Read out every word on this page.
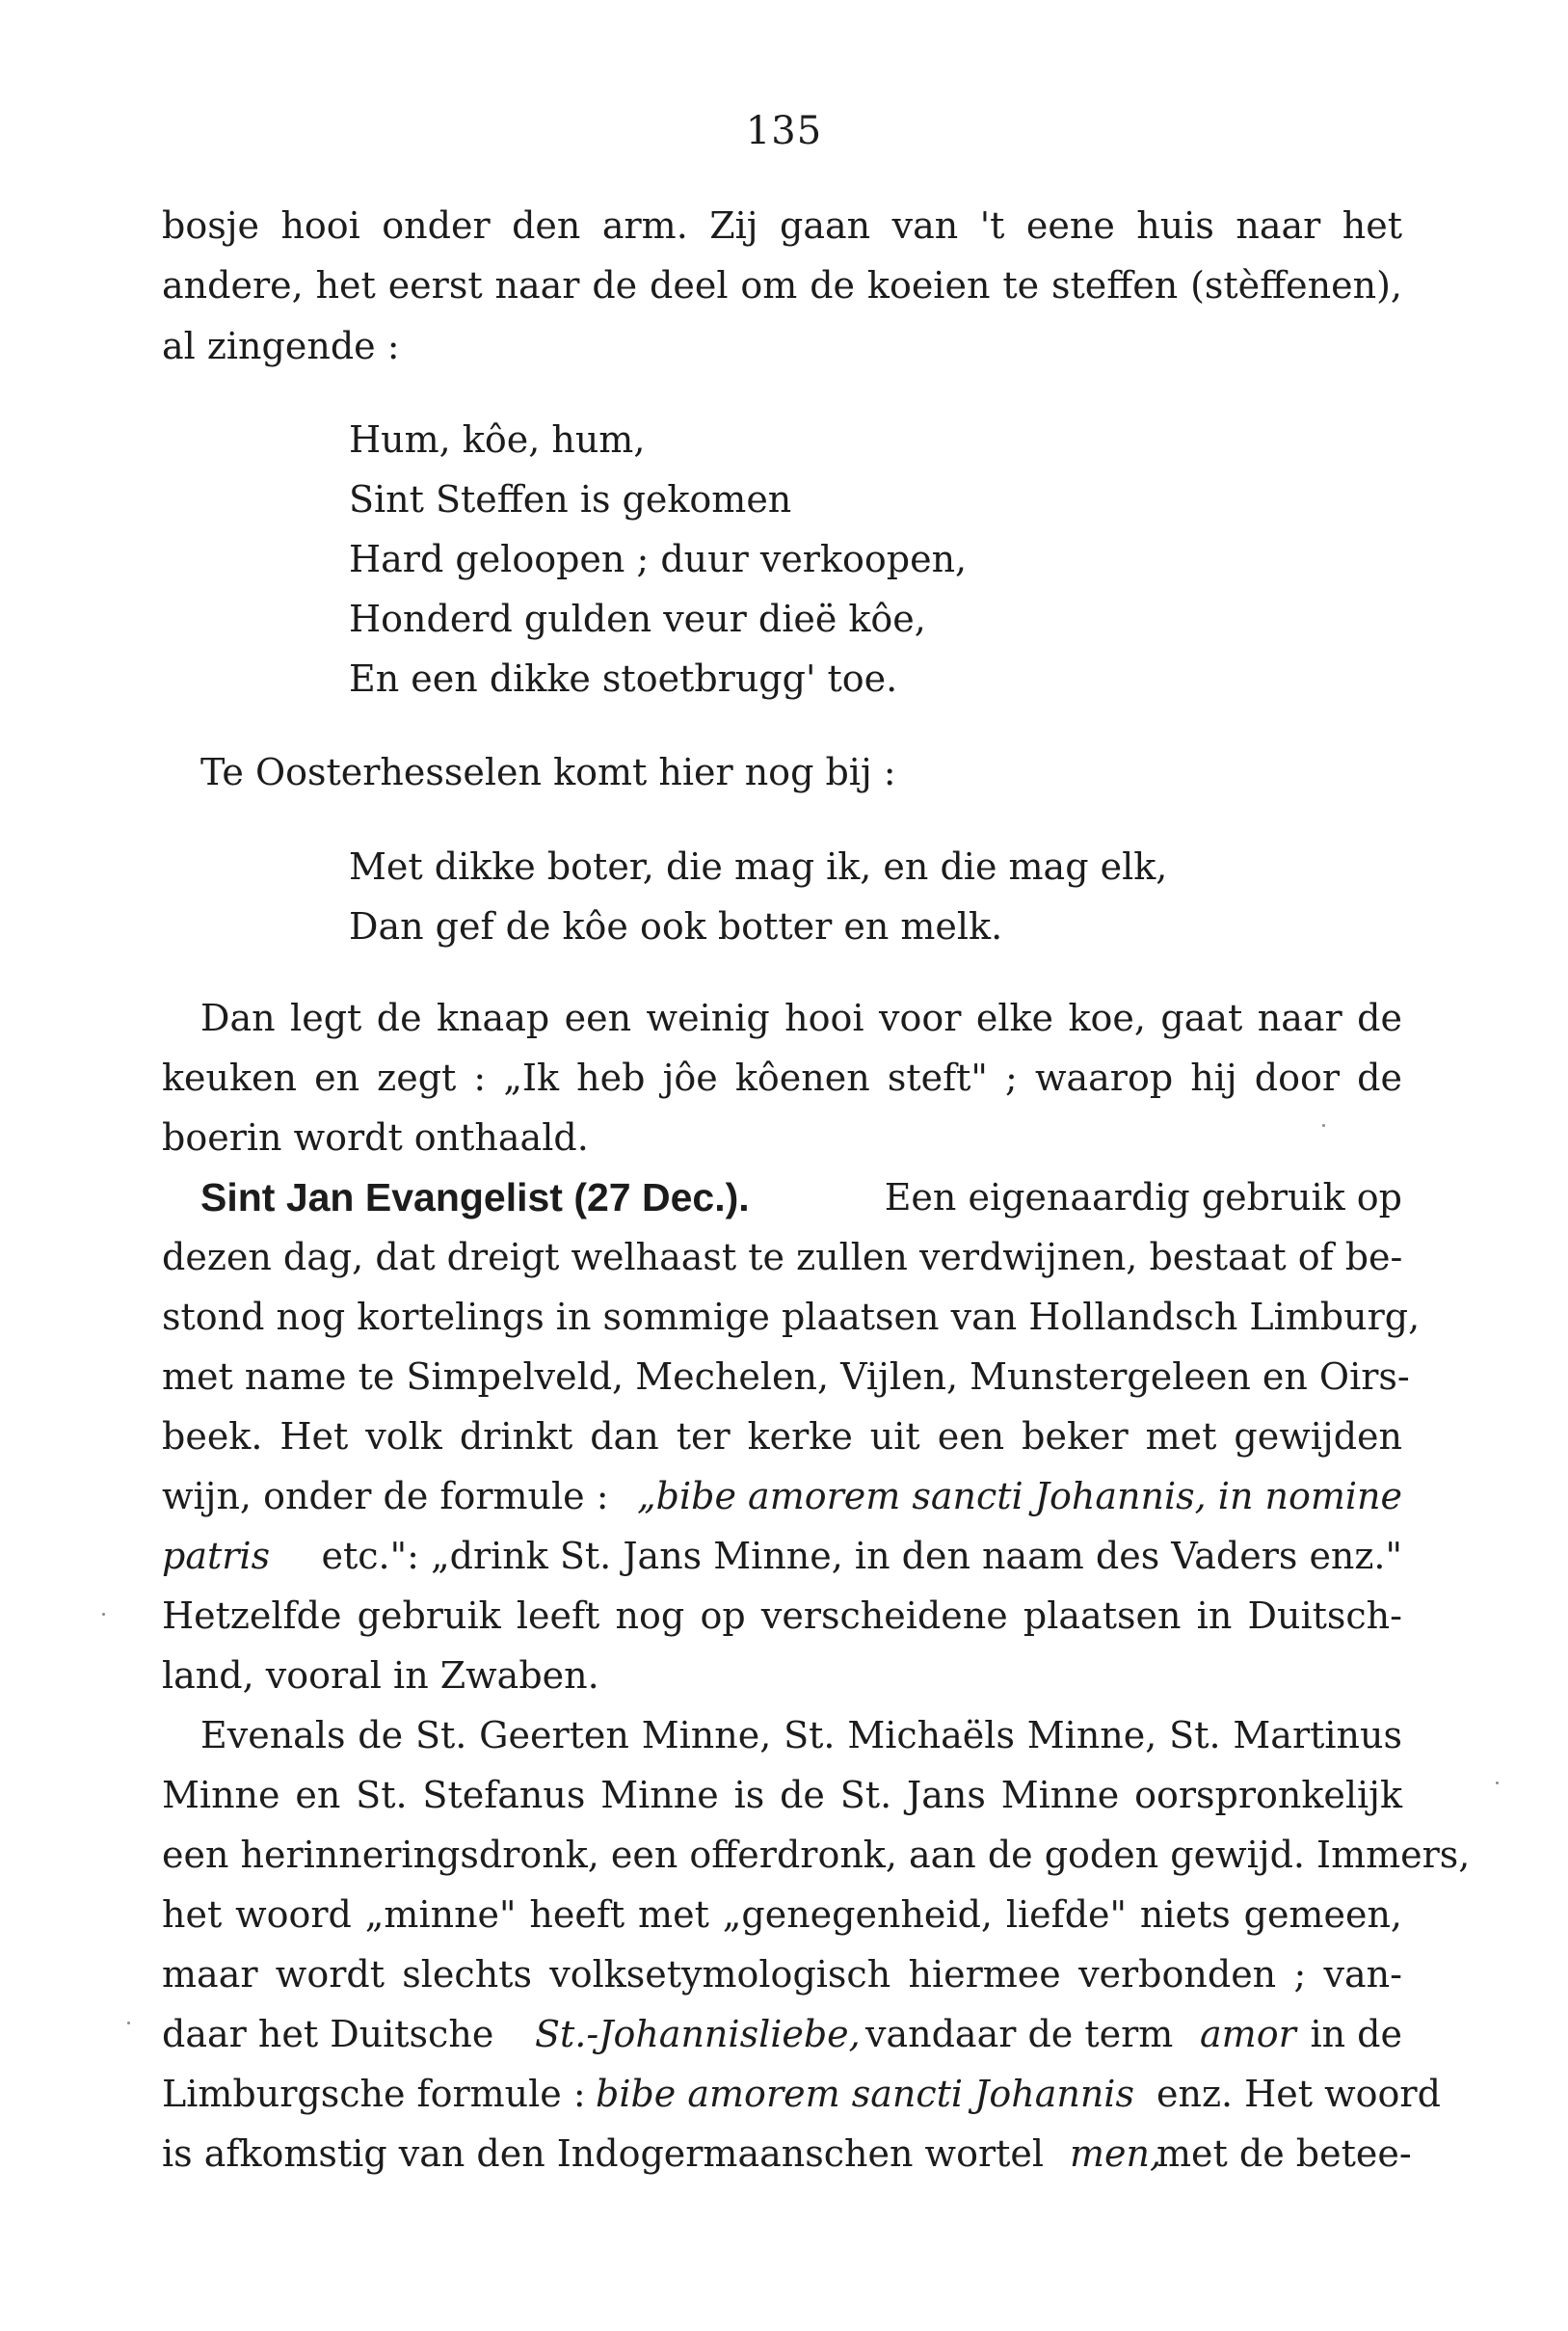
135
bosje hooi onder den arm. Zij gaan van 't eene huis naar het
andere, het eerst naar de deel om de koeien te steffen (stèffenen),
al zingende :
Hum, kôe, hum,
Sint Steffen is gekomen
Hard geloopen ; duur verkoopen,
Honderd gulden veur dieë kôe,
En een dikke stoetbrugg' toe.
Te Oosterhesselen komt hier nog bij :
Met dikke boter, die mag ik, en die mag elk,
Dan gef de kôe ook botter en melk.
Dan legt de knaap een weinig hooi voor elke koe, gaat naar de
keuken en zegt : „Ik heb jôe kôenen steft" ; waarop hij door de
boerin wordt onthaald.
Sint Jan Evangelist (27 Dec.).	Een eigenaardig gebruik op
dezen dag, dat dreigt welhaast te zullen verdwijnen, bestaat of be-
stond nog kortelings in sommige plaatsen van Hollandsch Limburg,
met name te Simpelveld, Mechelen, Vijlen, Munstergeleen en Oirs-
beek. Het volk drinkt dan ter kerke uit een beker met gewijden
wijn, onder de formule : „bibe amorem sancti Johannis, in nomine
patris	etc.": „drink St. Jans Minne, in den naam des Vaders enz."
Hetzelfde gebruik leeft nog op verscheidene plaatsen in Duitsch-
land, vooral in Zwaben.
Evenals de St. Geerten Minne, St. Michaëls Minne, St. Martinus
Minne en St. Stefanus Minne is de St. Jans Minne oorspronkelijk
een herinneringsdronk, een offerdronk, aan de goden gewijd. Immers,
het woord „minne" heeft met „genegenheid, liefde" niets gemeen,
maar wordt slechts volksetymologisch hiermee verbonden ; van-
daar het Duitsche St.-Johannisliebe, vandaar de term amor in de
Limburgsche formule : bibe amorem sancti Johannis enz. Het woord
is afkomstig van den Indogermaanschen wortel men,
met de betee-
